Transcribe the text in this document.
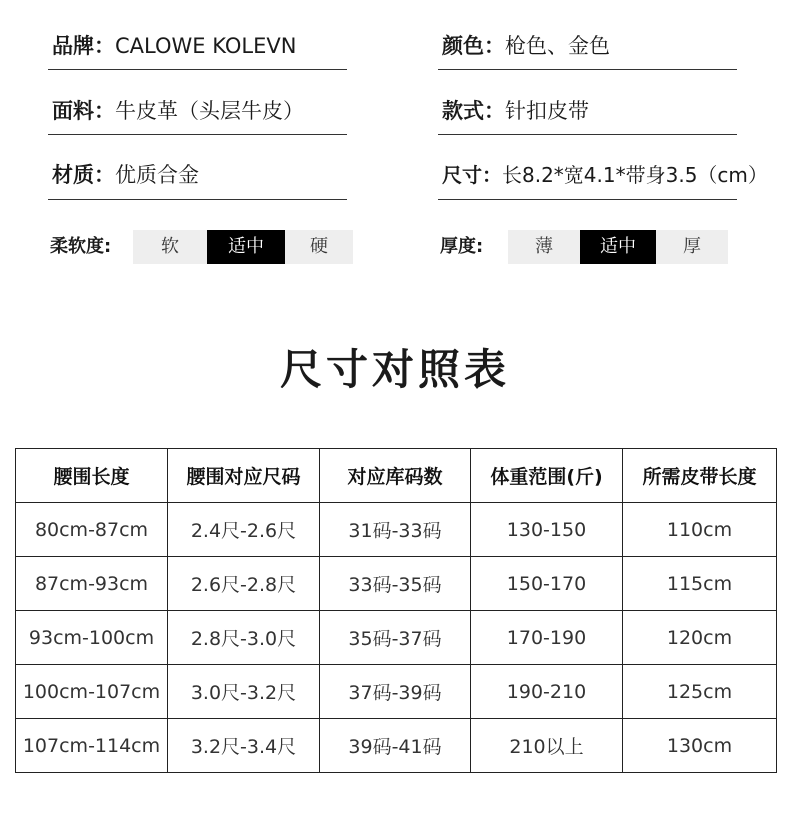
品牌：CALOWE KOLEVN
面料：牛皮革（头层牛皮）
材质：优质合金
颜色：枪色、金色
款式：针扣皮带
尺寸：长8.2*宽4.1*带身3.5（cm）
柔软度:	软	适中	硬	厚度:	薄	适中	厚
尺寸对照表
腰围长度	腰围对应尺码	对应库码数	体重范围(斤)	所需皮带长度
80cm-87cm	2.4尺-2.6尺	31码-33码	130-150	110cm
87cm-93cm	2.6尺-2.8尺	33码-35码	150-170	115cm
93cm-100cm	2.8尺-3.0尺	35码-37码	170-190	120cm
100cm-107cm	3.0尺-3.2尺	37码-39码	190-210	125cm
107cm-114cm	3.2尺-3.4尺	39码-41码	210以上	130cm
